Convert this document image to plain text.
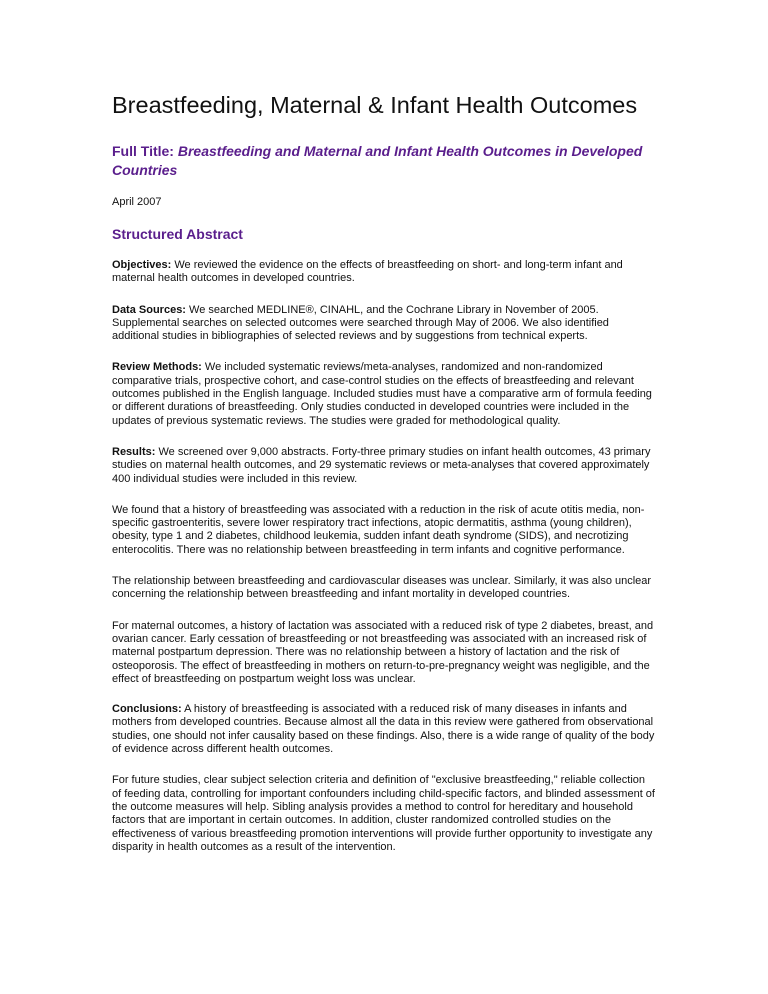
Breastfeeding, Maternal & Infant Health Outcomes
Full Title: Breastfeeding and Maternal and Infant Health Outcomes in Developed Countries
April 2007
Structured Abstract

Objectives: We reviewed the evidence on the effects of breastfeeding on short- and long-term infant and maternal health outcomes in developed countries.

Data Sources: We searched MEDLINE®, CINAHL, and the Cochrane Library in November of 2005. Supplemental searches on selected outcomes were searched through May of 2006. We also identified additional studies in bibliographies of selected reviews and by suggestions from technical experts.

Review Methods: We included systematic reviews/meta-analyses, randomized and non-randomized comparative trials, prospective cohort, and case-control studies on the effects of breastfeeding and relevant outcomes published in the English language. Included studies must have a comparative arm of formula feeding or different durations of breastfeeding. Only studies conducted in developed countries were included in the updates of previous systematic reviews. The studies were graded for methodological quality.

Results: We screened over 9,000 abstracts. Forty-three primary studies on infant health outcomes, 43 primary studies on maternal health outcomes, and 29 systematic reviews or meta-analyses that covered approximately 400 individual studies were included in this review.

We found that a history of breastfeeding was associated with a reduction in the risk of acute otitis media, non-specific gastroenteritis, severe lower respiratory tract infections, atopic dermatitis, asthma (young children), obesity, type 1 and 2 diabetes, childhood leukemia, sudden infant death syndrome (SIDS), and necrotizing enterocolitis. There was no relationship between breastfeeding in term infants and cognitive performance.

The relationship between breastfeeding and cardiovascular diseases was unclear. Similarly, it was also unclear concerning the relationship between breastfeeding and infant mortality in developed countries.

For maternal outcomes, a history of lactation was associated with a reduced risk of type 2 diabetes, breast, and ovarian cancer. Early cessation of breastfeeding or not breastfeeding was associated with an increased risk of maternal postpartum depression. There was no relationship between a history of lactation and the risk of osteoporosis. The effect of breastfeeding in mothers on return-to-pre-pregnancy weight was negligible, and the effect of breastfeeding on postpartum weight loss was unclear.

Conclusions: A history of breastfeeding is associated with a reduced risk of many diseases in infants and mothers from developed countries. Because almost all the data in this review were gathered from observational studies, one should not infer causality based on these findings. Also, there is a wide range of quality of the body of evidence across different health outcomes.

For future studies, clear subject selection criteria and definition of "exclusive breastfeeding," reliable collection of feeding data, controlling for important confounders including child-specific factors, and blinded assessment of the outcome measures will help. Sibling analysis provides a method to control for hereditary and household factors that are important in certain outcomes. In addition, cluster randomized controlled studies on the effectiveness of various breastfeeding promotion interventions will provide further opportunity to investigate any disparity in health outcomes as a result of the intervention.
